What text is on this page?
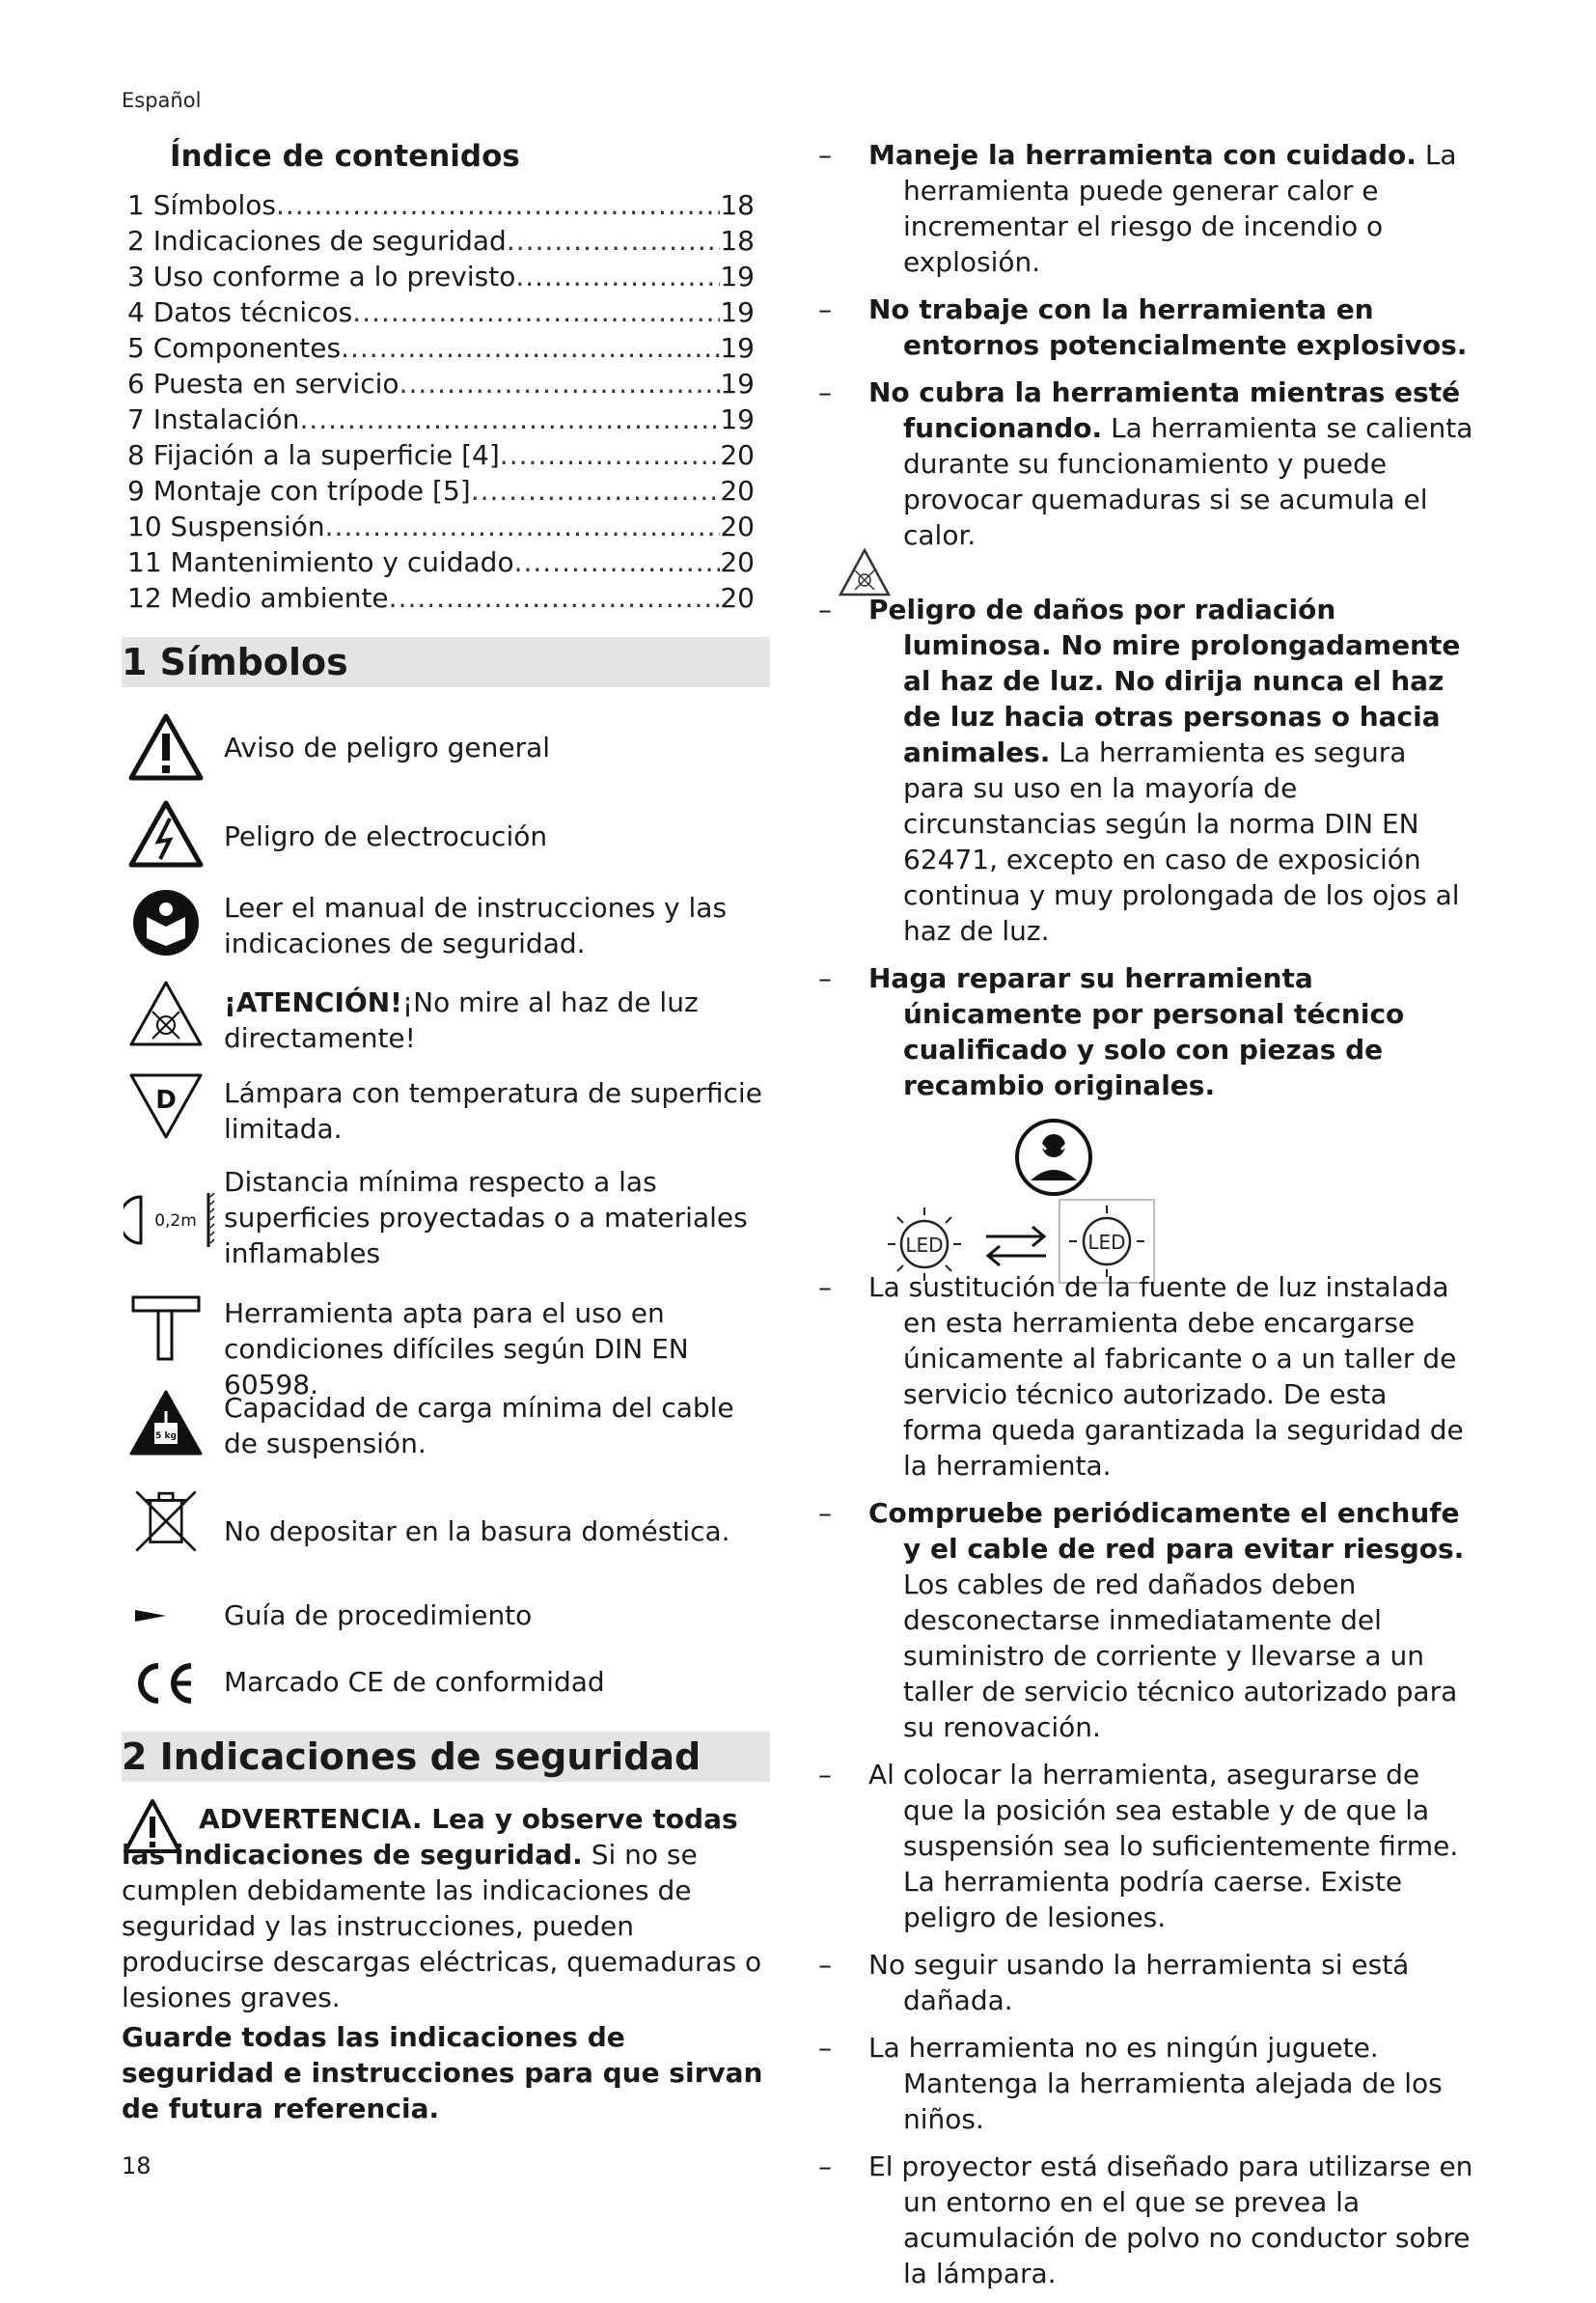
Español
Índice de contenidos
1 Símbolos .....	18
2 Indicaciones de seguridad .....	18
3 Uso conforme a lo previsto .....	19
4 Datos técnicos .....	19
5 Componentes .....	19
6 Puesta en servicio .....	19
7 Instalación .....	19
8 Fijación a la superficie [4] .....	20
9 Montaje con trípode [5] .....	20
10 Suspensión .....	20
11 Mantenimiento y cuidado .....	20
12 Medio ambiente .....	20
1 Símbolos
Aviso de peligro general
Peligro de electrocución
Leer el manual de instrucciones y las indicaciones de seguridad.
¡ATENCIÓN!¡No mire al haz de luz directamente!
D Lámpara con temperatura de superficie limitada.
0,2m
Distancia mínima respecto a las superficies proyectadas o a materiales inflamables
Herramienta apta para el uso en condiciones difíciles según DIN EN 60598.
5 kg
Capacidad de carga mínima del cable de suspensión.
No depositar en la basura doméstica.
Guía de procedimiento
Marcado CE de conformidad
2 Indicaciones de seguridad

ADVERTENCIA. Lea y observe todas las indicaciones de seguridad. Si no se cumplen debidamente las indicaciones de seguridad y las instrucciones, pueden producirse descargas eléctricas, quemaduras o lesiones graves.

Guarde todas las indicaciones de seguridad e instrucciones para que sirvan de futura referencia.

– Maneje la herramienta con cuidado. La herramienta puede generar calor e incrementar el riesgo de incendio o explosión.
– No trabaje con la herramienta en entornos potencialmente explosivos.
– No cubra la herramienta mientras esté funcionando. La herramienta se calienta durante su funcionamiento y puede provocar quemaduras si se acumula el calor.
– Peligro de daños por radiación luminosa. No mire prolongadamente al haz de luz. No dirija nunca el haz de luz hacia otras personas o hacia animales. La herramienta es segura para su uso en la mayoría de circunstancias según la norma DIN EN 62471, excepto en caso de exposición continua y muy prolongada de los ojos al haz de luz.
– Haga reparar su herramienta únicamente por personal técnico cualificado y solo con piezas de recambio originales.
LED	LED
– La sustitución de la fuente de luz instalada en esta herramienta debe encargarse únicamente al fabricante o a un taller de servicio técnico autorizado. De esta forma queda garantizada la seguridad de la herramienta.
– Compruebe periódicamente el enchufe y el cable de red para evitar riesgos. Los cables de red dañados deben desconectarse inmediatamente del suministro de corriente y llevarse a un taller de servicio técnico autorizado para su renovación.
– Al colocar la herramienta, asegurarse de que la posición sea estable y de que la suspensión sea lo suficientemente firme. La herramienta podría caerse. Existe peligro de lesiones.
– No seguir usando la herramienta si está dañada.
– La herramienta no es ningún juguete. Mantenga la herramienta alejada de los niños.
– El proyector está diseñado para utilizarse en un entorno en el que se prevea la acumulación de polvo no conductor sobre la lámpara.
18
